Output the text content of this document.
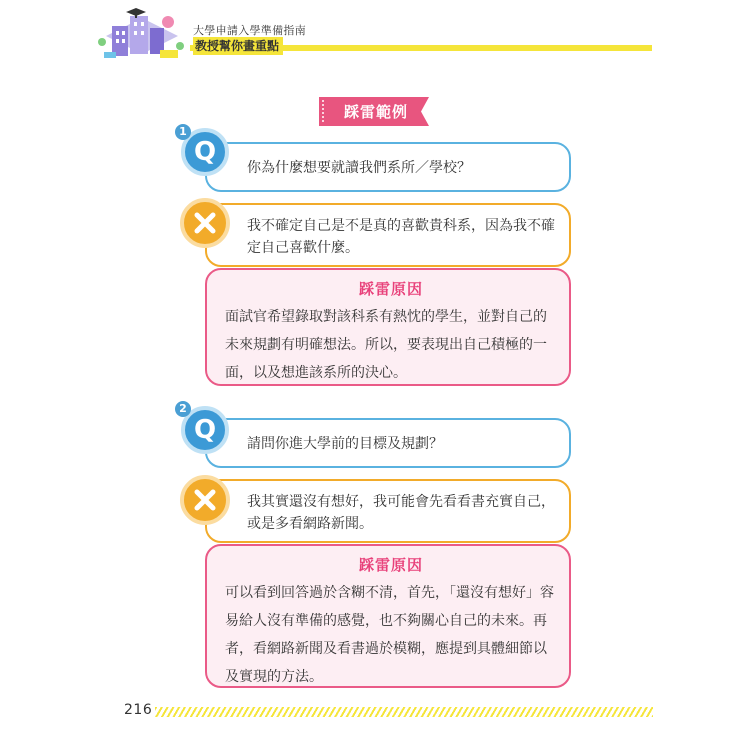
大學申請入學準備指南
教授幫你畫重點
踩雷範例
你為什麼想要就讀我們系所／學校？
Q
1
我不確定自己是不是真的喜歡貴科系，因為我不確定自己喜歡什麼。
踩雷原因
面試官希望錄取對該科系有熱忱的學生，並對自己的未來規劃有明確想法。所以，要表現出自己積極的一面，以及想進該系所的決心。
請問你進大學前的目標及規劃？
Q
2
我其實還沒有想好，我可能會先看看書充實自己，或是多看網路新聞。
踩雷原因
可以看到回答過於含糊不清，首先，「還沒有想好」容易給人沒有準備的感覺，也不夠關心自己的未來。再者，看網路新聞及看書過於模糊，應提到具體細節以及實現的方法。
216
